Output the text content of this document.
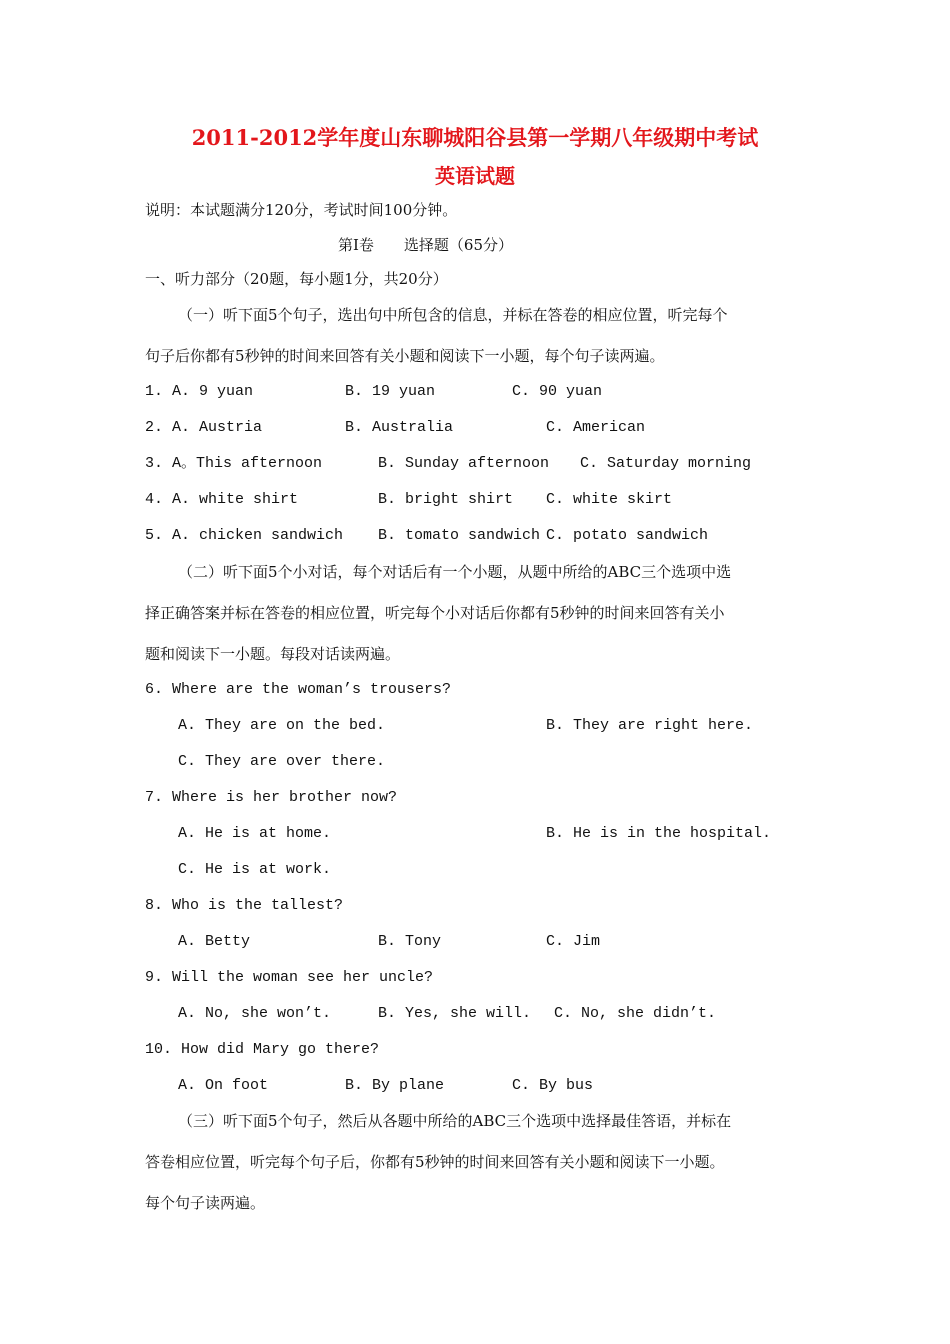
2011-2012学年度山东聊城阳谷县第一学期八年级期中考试
英语试题
说明：本试题满分120分，考试时间100分钟。
第Ⅰ卷　　选择题（65分）
一、听力部分（20题，每小题1分，共20分）
（一）听下面5个句子，选出句中所包含的信息，并标在答卷的相应位置，听完每个
句子后你都有5秒钟的时间来回答有关小题和阅读下一小题，每个句子读两遍。
1. A. 9 yuan	B. 19 yuan	C. 90 yuan
2. A. Austria	B. Australia	C. American
3. A。This afternoon	B. Sunday afternoon C. Saturday morning
4. A. white shirt	B. bright shirt C. white skirt
5. A. chicken sandwich B. tomato sandwich C. potato sandwich
（二）听下面5个小对话，每个对话后有一个小题，从题中所给的ABC三个选项中选
择正确答案并标在答卷的相应位置，听完每个小对话后你都有5秒钟的时间来回答有关小
题和阅读下一小题。每段对话读两遍。
6. Where are the woman’s trousers?
A. They are on the bed.	B. They are right here.
C. They are over there.
7. Where is her brother now?
A. He is at home.	B. He is in the hospital.
C. He is at work.
8. Who is the tallest?
A. Betty	B. Tony	C. Jim
9. Will the woman see her uncle?
A. No, she won’t.	B. Yes, she will. C. No, she didn’t.
10. How did Mary go there?
A. On foot	B. By plane	C. By bus
（三）听下面5个句子，然后从各题中所给的ABC三个选项中选择最佳答语，并标在
答卷相应位置，听完每个句子后，你都有5秒钟的时间来回答有关小题和阅读下一小题。
每个句子读两遍。
